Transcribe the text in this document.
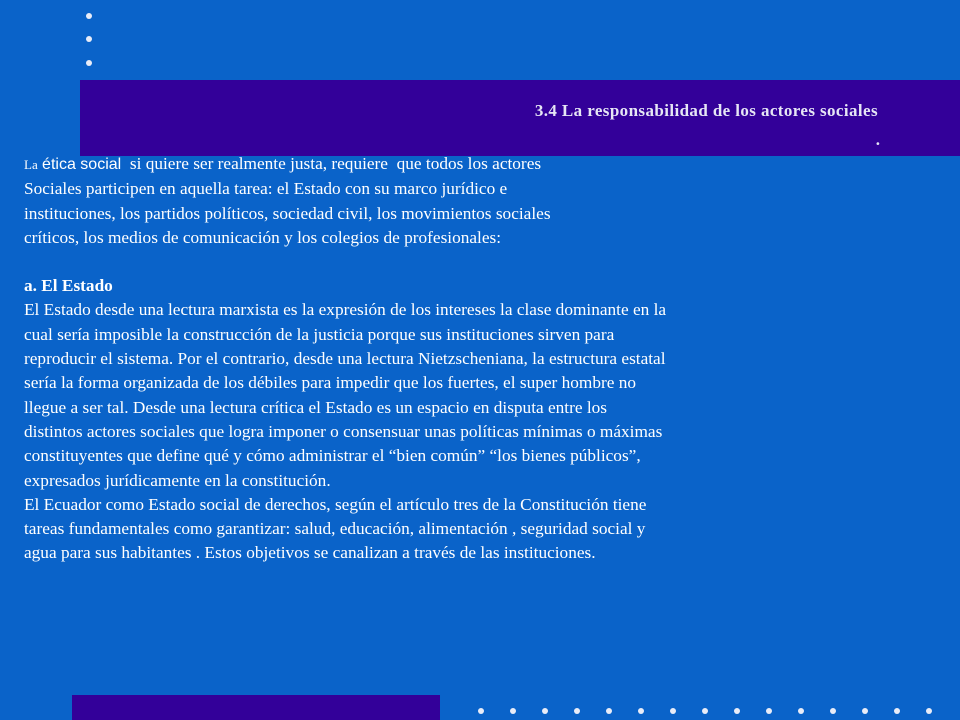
3.4 La responsabilidad de los actores sociales
.

La ética social  si quiere ser realmente justa, requiere  que todos los actores

Sociales participen en aquella tarea: el Estado con su marco jurídico e

instituciones, los partidos políticos, sociedad civil, los movimientos sociales

críticos, los medios de comunicación y los colegios de profesionales:

a. El Estado

El Estado desde una lectura marxista es la expresión de los intereses la clase dominante en la

cual sería imposible la construcción de la justicia porque sus instituciones sirven para

reproducir el sistema. Por el contrario, desde una lectura Nietzscheniana, la estructura estatal

sería la forma organizada de los débiles para impedir que los fuertes, el super hombre no

llegue a ser tal. Desde una lectura crítica el Estado es un espacio en disputa entre los

distintos actores sociales que logra imponer o consensuar unas políticas mínimas o máximas

constituyentes que define qué y cómo administrar el “bien común” “los bienes públicos”,

expresados jurídicamente en la constitución.

El Ecuador como Estado social de derechos, según el artículo tres de la Constitución tiene

tareas fundamentales como garantizar: salud, educación, alimentación , seguridad social y

agua para sus habitantes . Estos objetivos se canalizan a través de las instituciones.
